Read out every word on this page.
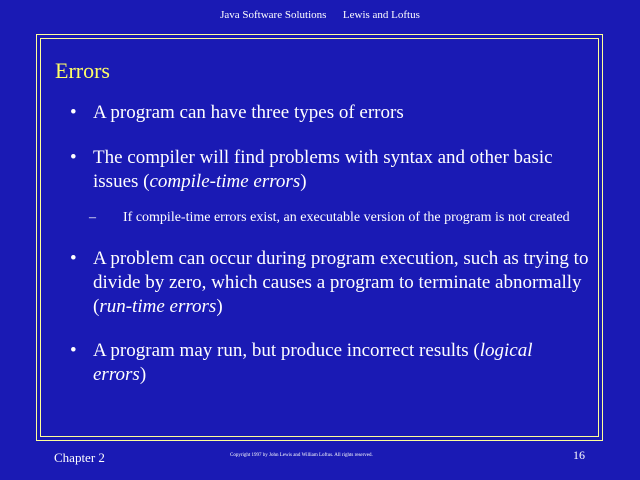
Java Software Solutions      Lewis and Loftus
Errors
• A program can have three types of errors
• The compiler will find problems with syntax and other basic issues (compile-time errors)
– If compile-time errors exist, an executable version of the program is not created
• A problem can occur during program execution, such as trying to divide by zero, which causes a program to terminate abnormally (run-time errors)
• A program may run, but produce incorrect results (logical errors)
Chapter 2	Copyright 1997 by John Lewis and William Loftus. All rights reserved.	16
